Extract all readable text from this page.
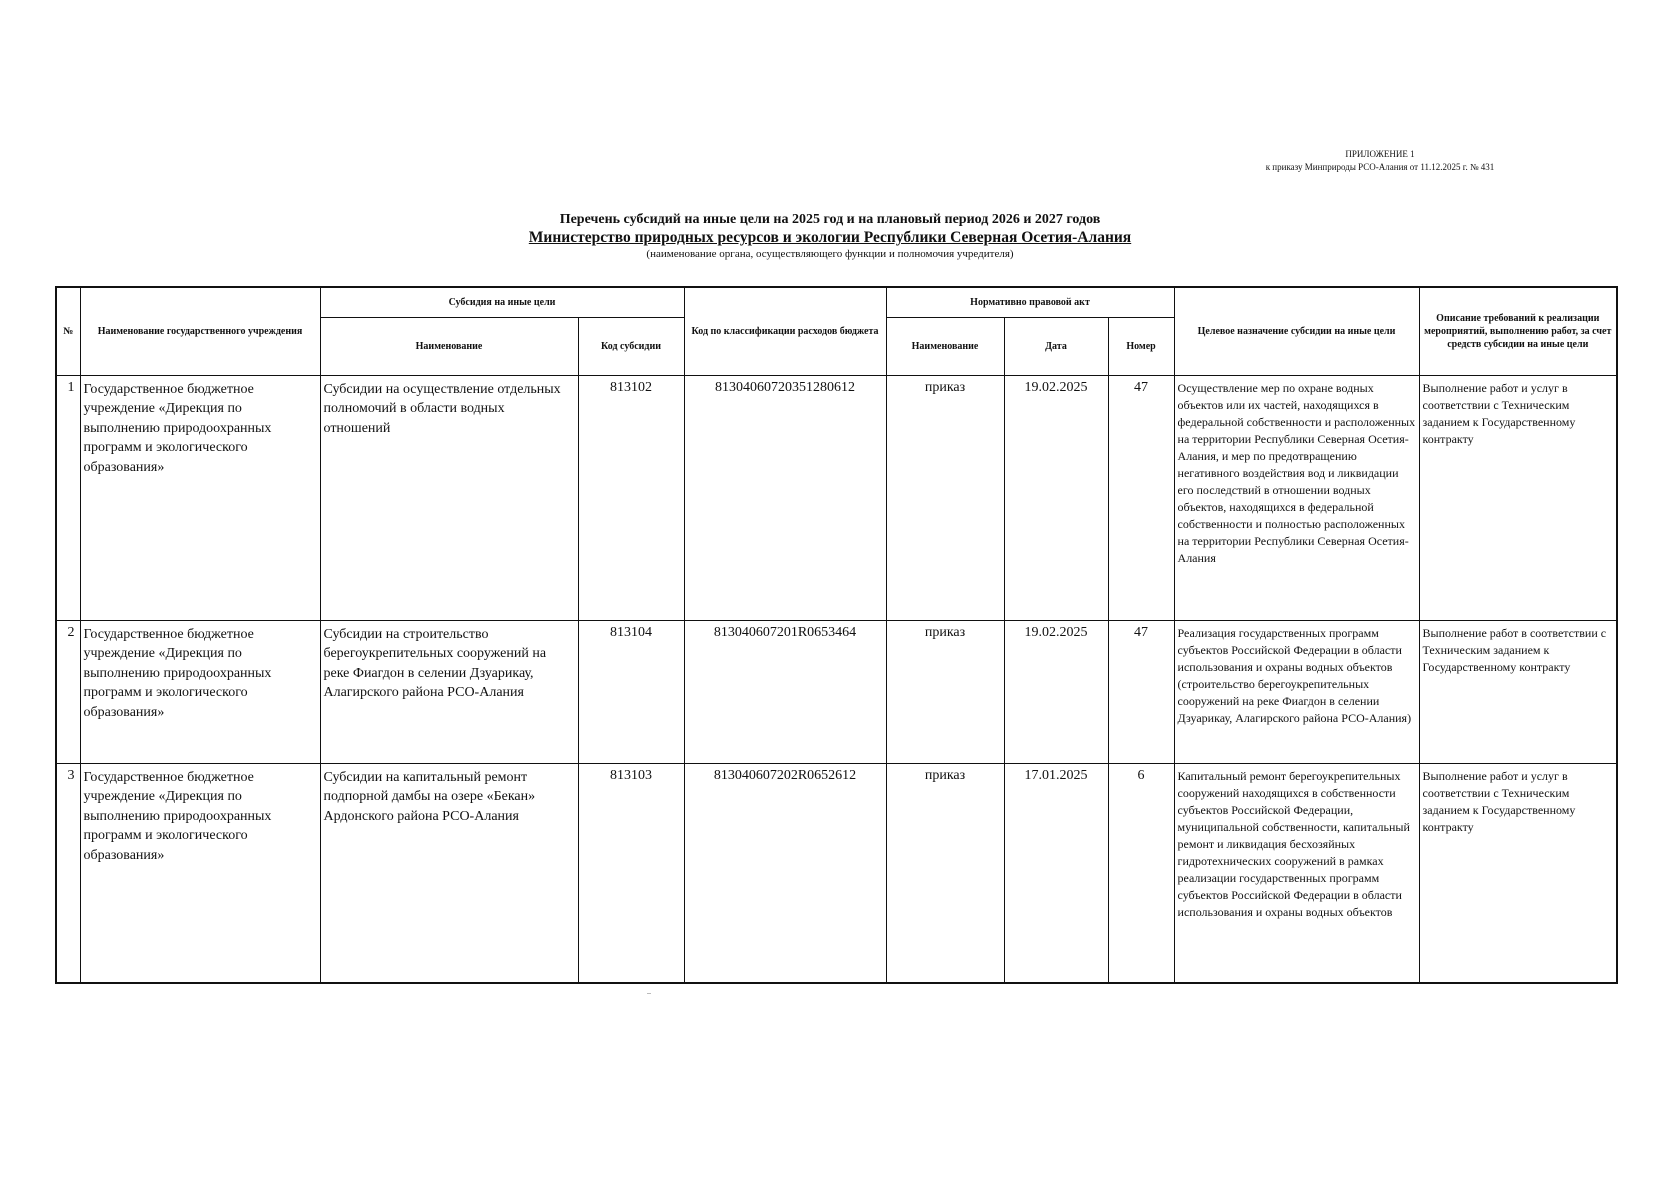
ПРИЛОЖЕНИЕ 1
к приказу Минприроды РСО-Алания от 11.12.2025 г. № 431
Перечень субсидий на иные цели на 2025 год и на плановый период 2026 и 2027 годов
Министерство природных ресурсов и экологии Республики Северная Осетия-Алания
(наименование органа, осуществляющего функции и полномочия учредителя)
№	Наименование государственного учреждения	Субсидия на иные цели		Код по классификации расходов бюджета	Нормативно правовой акт			Целевое назначение субсидии на иные цели	Описание требований к реализации мероприятий, выполнению работ, за счет средств субсидии на иные цели
		Наименование	Код субсидии		Наименование	Дата	Номер		
1	Государственное бюджетное учреждение «Дирекция по выполнению природоохранных программ и экологического образования»	Субсидии на осуществление отдельных полномочий в области водных отношений	813102	81304060720351280612	приказ	19.02.2025	47	Осуществление мер по охране водных объектов или их частей, находящихся в федеральной собственности и расположенных на территории Республики Северная Осетия-Алания, и мер по предотвращению негативного воздействия вод и ликвидации его последствий в отношении водных объектов, находящихся в федеральной собственности и полностью расположенных на территории Республики Северная Осетия-Алания	Выполнение работ и услуг в соответствии с Техническим заданием к Государственному контракту
2	Государственное бюджетное учреждение «Дирекция по выполнению природоохранных программ и экологического образования»	Субсидии на строительство берегоукрепительных сооружений на реке Фиагдон в селении Дзуарикау, Алагирского района РСО-Алания	813104	813040607201R0653464	приказ	19.02.2025	47	Реализация государственных программ субъектов Российской Федерации в области использования и охраны водных объектов (строительство берегоукрепительных сооружений на реке Фиагдон в селении Дзуарикау, Алагирского района РСО-Алания)	Выполнение работ в соответствии с Техническим заданием к Государственному контракту
3	Государственное бюджетное учреждение «Дирекция по выполнению природоохранных программ и экологического образования»	Субсидии на капитальный ремонт подпорной дамбы на озере «Бекан» Ардонского района РСО-Алания	813103	813040607202R0652612	приказ	17.01.2025	6	Капитальный ремонт берегоукрепительных сооружений находящихся в собственности субъектов Российской Федерации, муниципальной собственности, капитальный ремонт и ликвидация бесхозяйных гидротехнических сооружений в рамках реализации государственных программ субъектов Российской Федерации в области использования и охраны водных объектов	Выполнение работ и услуг в соответствии с Техническим заданием к Государственному контракту
